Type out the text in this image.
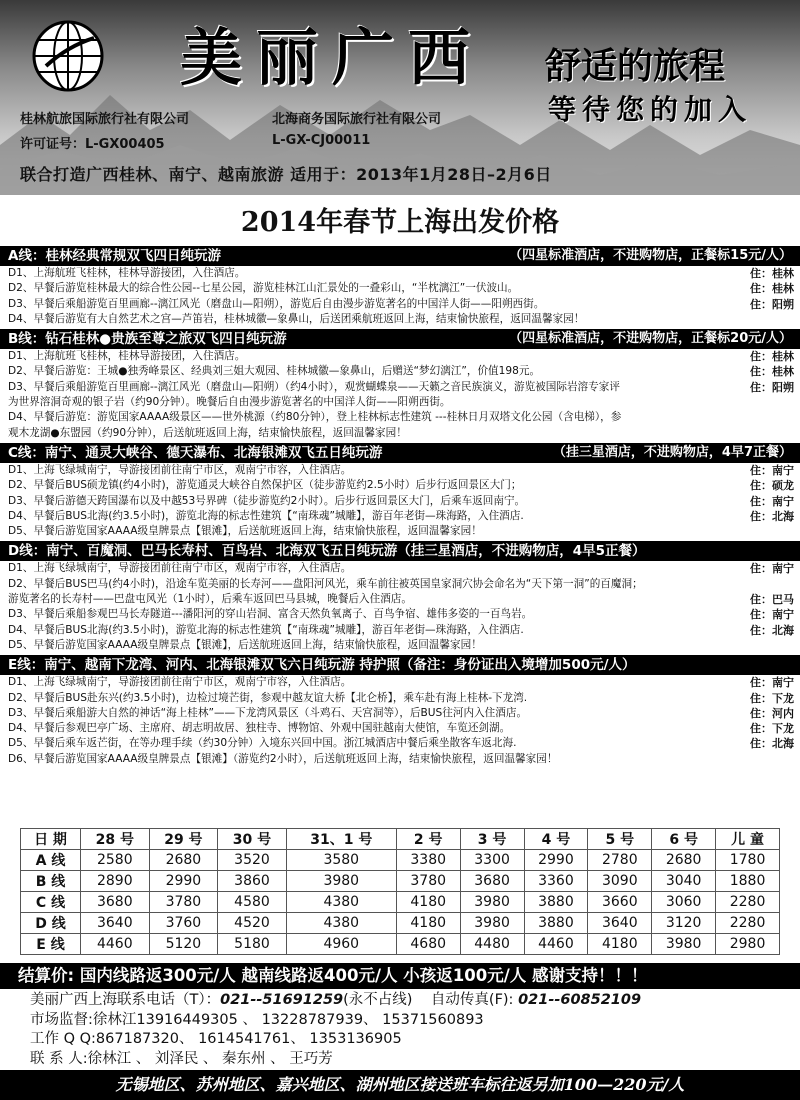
美丽广西 舒适的旅程
等待您的加入
桂林航旅国际旅行社有限公司	北海商务国际旅行社有限公司
许可证号：L-GX00405	L-GX-CJ00011
联合打造广西桂林、南宁、越南旅游 适用于：2013年1月28日–2月6日
2014年春节上海出发价格
A线：桂林经典常规双飞四日纯玩游	（四星标准酒店，不进购物店，正餐标15元/人）
D1、上海航班飞桂林，桂林导游接团，入住酒店。	住：桂林
D2、早餐后游览桂林最大的综合性公园--七星公园，游览桂林江山汇景处的一叠彩山，“半枕漓江”一伏波山。	住：桂林
D3、早餐后乘船游览百里画廊--漓江风光（磨盘山—阳朔），游览后自由漫步游览著名的中国洋人街——阳朔西街。	住：阳朔
D4、早餐后游览有大自然艺术之宫—芦笛岩，桂林城徽—象鼻山，后送团乘航班返回上海，结束愉快旅程，返回温馨家园！
B线：钻石桂林●贵族至尊之旅双飞四日纯玩游	（四星标准酒店，不进购物店，正餐标20元/人）
D1、上海航班飞桂林，桂林导游接团，入住酒店。	住：桂林
D2、早餐后游览：王城●独秀峰景区、经典刘三姐大观园、桂林城徽—象鼻山，后赠送“梦幻漓江”，价值198元。	住：桂林
D3、早餐后乘船游览百里画廊--漓江风光（磨盘山—阳朔）（约4小时），观赏蝴蝶泉——天籁之音民族演义，游览被国际岩溶专家评	住：阳朔
为世界溶洞奇观的银子岩（约90分钟）。晚餐后自由漫步游览著名的中国洋人街——阳朔西街。
D4、早餐后游览：游览国家AAAA级景区——世外桃源（约80分钟），登上桂林标志性建筑 ---桂林日月双塔文化公园（含电梯），参
观木龙湖●东盟园（约90分钟），后送航班返回上海，结束愉快旅程，返回温馨家园！
C线：南宁、通灵大峡谷、德天瀑布、北海银滩双飞五日纯玩游	（挂三星酒店，不进购物店，4早7正餐）
D1、上海飞绿城南宁，导游接团前往南宁市区，观南宁市容，入住酒店。	住：南宁
D2、早餐后BUS硕龙镇(约4小时)，游览通灵大峡谷自然保护区（徒步游览约2.5小时）后步行返回景区大门；	住：硕龙
D3、早餐后游德天跨国瀑布以及中越53号界碑（徒步游览约2小时）。后步行返回景区大门，后乘车返回南宁。	住：南宁
D4、早餐后BUS北海(约3.5小时)，游览北海的标志性建筑【“南珠魂”城雕】，游百年老街—珠海路，入住酒店.	住：北海
D5、早餐后游览国家AAAA级皇牌景点【银滩】，后送航班返回上海，结束愉快旅程，返回温馨家园！
D线：南宁、百魔洞、巴马长寿村、百鸟岩、北海双飞五日纯玩游（挂三星酒店，不进购物店，4早5正餐）
D1、上海飞绿城南宁，导游接团前往南宁市区，观南宁市容，入住酒店。	住：南宁
D2、早餐后BUS巴马(约4小时)，沿途车览美丽的长寿河——盘阳河风光，乘车前往被英国皇家洞穴协会命名为“天下第一洞”的百魔洞；
游览著名的长寿村——巴盘屯风光（1小时），后乘车返回巴马县城，晚餐后入住酒店。	住：巴马
D3、早餐后乘船参观巴马长寿隧道---潘阳河的穿山岩洞、富含天然负氧离子、百鸟争宿、雄伟多姿的一百鸟岩。	住：南宁
D4、早餐后BUS北海(约3.5小时)，游览北海的标志性建筑【“南珠魂”城雕】，游百年老街—珠海路，入住酒店.	住：北海
D5、早餐后游览国家AAAA级皇牌景点【银滩】，后送航班返回上海，结束愉快旅程，返回温馨家园！
E线：南宁、越南下龙湾、河内、北海银滩双飞六日纯玩游 持护照（备注：身份证出入境增加500元/人）
D1、上海飞绿城南宁，导游接团前往南宁市区，观南宁市容，入住酒店。	住：南宁
D2、早餐后BUS赴东兴(约3.5小时)，边检过境芒街，参观中越友谊大桥【北仑桥】，乘车赴有海上桂林-下龙湾.	住：下龙
D3、早餐后乘船游大自然的神话“海上桂林”——下龙湾风景区（斗鸡石、天宫洞等），后BUS往河内入住酒店。	住：河内
D4、早餐后参观巴亭广场、主席府、胡志明故居、独柱寺、博物馆、外观中国驻越南大使馆，车览还剑湖。	住：下龙
D5、早餐后乘车返芒街，在等办理手续（约30分钟）入境东兴回中国。浙江城酒店中餐后乘坐散客车返北海.	住：北海
D6、早餐后游览国家AAAA级皇牌景点【银滩】（游览约2小时），后送航班返回上海，结束愉快旅程，返回温馨家园！
日 期	28 号	29 号	30 号	31、1 号	2 号	3 号	4 号	5 号	6 号	儿 童
A 线	2580	2680	3520	3580	3380	3300	2990	2780	2680	1780
B 线	2890	2990	3860	3980	3780	3680	3360	3090	3040	1880
C 线	3680	3780	4580	4380	4180	3980	3880	3660	3060	2280
D 线	3640	3760	4520	4380	4180	3980	3880	3640	3120	2280
E 线	4460	5120	5180	4960	4680	4480	4460	4180	3980	2980
结算价: 国内线路返300元/人 越南线路返400元/人 小孩返100元/人 感谢支持！！！
美丽广西上海联系电话（T）：021--51691259(永不占线) 自动传真(F): 021--60852109
市场监督:徐林江13916449305 、 13228787939、 15371560893
工作 Q Q:867187320、 1614541761、 1353136905
联 系 人:徐林江 、 刘泽民 、 秦东州 、 王巧芳
无锡地区、苏州地区、嘉兴地区、湖州地区接送班车标往返另加100—220元/人
